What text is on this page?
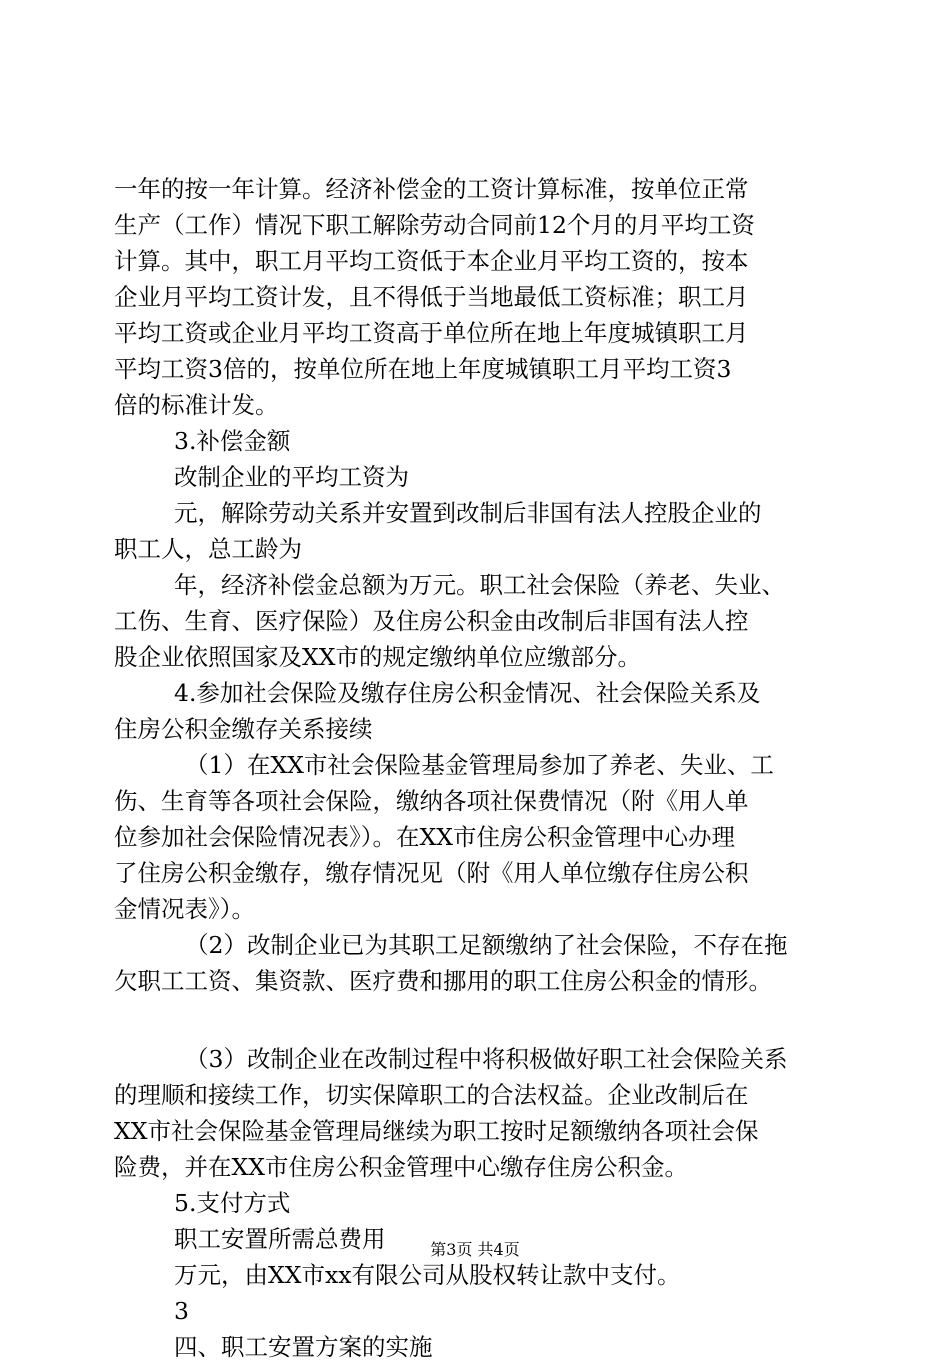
一年的按一年计算。经济补偿金的工资计算标准，按单位正常
生产（工作）情况下职工解除劳动合同前12个月的月平均工资
计算。其中，职工月平均工资低于本企业月平均工资的，按本
企业月平均工资计发，且不得低于当地最低工资标准；职工月
平均工资或企业月平均工资高于单位所在地上年度城镇职工月
平均工资3倍的，按单位所在地上年度城镇职工月平均工资3
倍的标准计发。
3.补偿金额
改制企业的平均工资为
元，解除劳动关系并安置到改制后非国有法人控股企业的
职工人，总工龄为
年，经济补偿金总额为万元。职工社会保险（养老、失业、
工伤、生育、医疗保险）及住房公积金由改制后非国有法人控
股企业依照国家及XX市的规定缴纳单位应缴部分。
4.参加社会保险及缴存住房公积金情况、社会保险关系及
住房公积金缴存关系接续
（1）在XX市社会保险基金管理局参加了养老、失业、工
伤、生育等各项社会保险，缴纳各项社保费情况（附《用人单
位参加社会保险情况表》）。在XX市住房公积金管理中心办理
了住房公积金缴存，缴存情况见（附《用人单位缴存住房公积
金情况表》）。
（2）改制企业已为其职工足额缴纳了社会保险，不存在拖
欠职工工资、集资款、医疗费和挪用的职工住房公积金的情形。
（3）改制企业在改制过程中将积极做好职工社会保险关系
的理顺和接续工作，切实保障职工的合法权益。企业改制后在
XX市社会保险基金管理局继续为职工按时足额缴纳各项社会保
险费，并在XX市住房公积金管理中心缴存住房公积金。
5.支付方式
职工安置所需总费用
万元，由XX市xx有限公司从股权转让款中支付。
3
四、职工安置方案的实施
第3页 共4页
